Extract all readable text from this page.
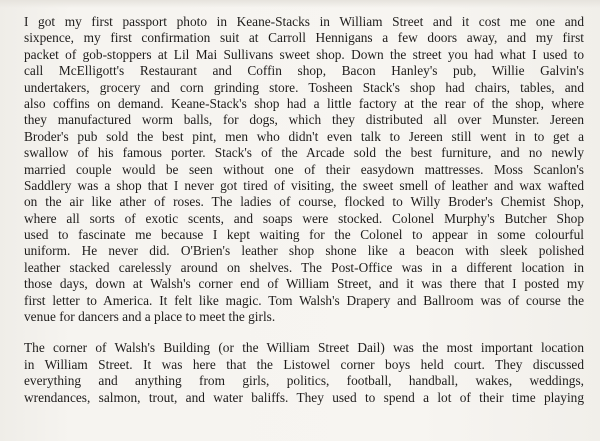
I got my first passport photo in Keane-Stacks in William Street and it cost me one and
sixpence, my first confirmation suit at Carroll Hennigans a few doors away, and my first
packet of gob-stoppers at Lil Mai Sullivans sweet shop. Down the street you had what I used to
call McElligott's Restaurant and Coffin shop, Bacon Hanley's pub, Willie Galvin's
undertakers, grocery and corn grinding store. Tosheen Stack's shop had chairs, tables, and
also coffins on demand. Keane-Stack's shop had a little factory at the rear of the shop, where
they manufactured worm balls, for dogs, which they distributed all over Munster. Jereen
Broder's pub sold the best pint, men who didn't even talk to Jereen still went in to get a
swallow of his famous porter. Stack's of the Arcade sold the best furniture, and no newly
married couple would be seen without one of their easydown mattresses. Moss Scanlon's
Saddlery was a shop that I never got tired of visiting, the sweet smell of leather and wax wafted
on the air like ather of roses. The ladies of course, flocked to Willy Broder's Chemist Shop,
where all sorts of exotic scents, and soaps were stocked. Colonel Murphy's Butcher Shop
used to fascinate me because I kept waiting for the Colonel to appear in some colourful
uniform. He never did. O'Brien's leather shop shone like a beacon with sleek polished
leather stacked carelessly around on shelves. The Post-Office was in a different location in
those days, down at Walsh's corner end of William Street, and it was there that I posted my
first letter to America. It felt like magic. Tom Walsh's Drapery and Ballroom was of course the
venue for dancers and a place to meet the girls.
The corner of Walsh's Building (or the William Street Dail) was the most important location
in William Street. It was here that the Listowel corner boys held court. They discussed
everything and anything from girls, politics, football, handball, wakes, weddings,
wrendances, salmon, trout, and water baliffs. They used to spend a lot of their time playing
